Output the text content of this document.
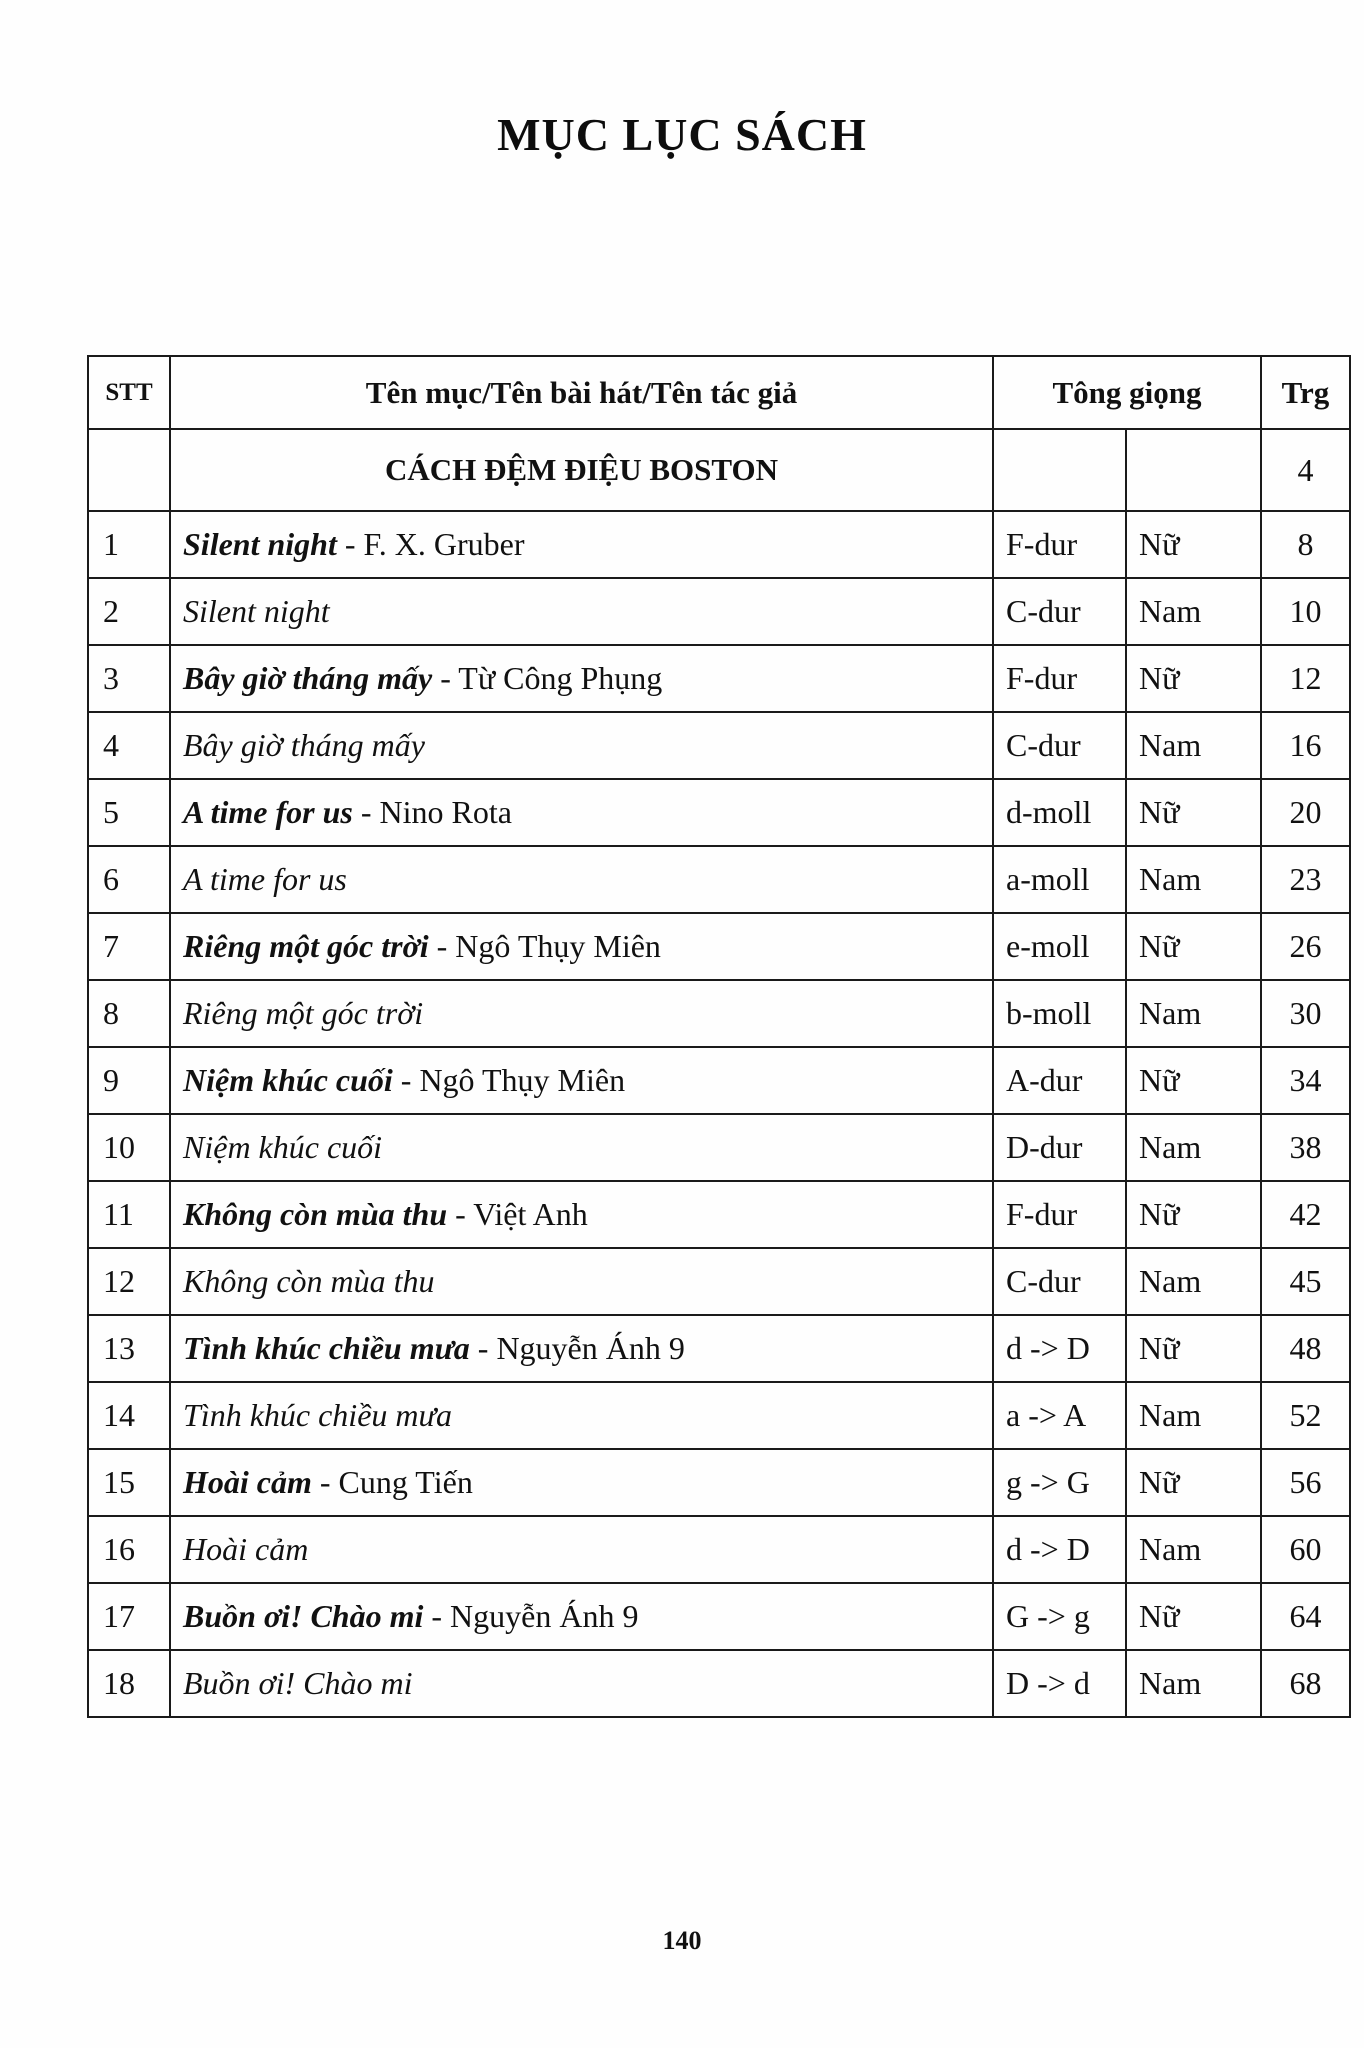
MỤC LỤC SÁCH
STT	Tên mục/Tên bài hát/Tên tác giả	Tông giọng		Trg
	CÁCH ĐỆM ĐIỆU BOSTON			4
1	Silent night - F. X. Gruber	F-dur	Nữ	8
2	Silent night	C-dur	Nam	10
3	Bây giờ tháng mấy - Từ Công Phụng	F-dur	Nữ	12
4	Bây giờ tháng mấy	C-dur	Nam	16
5	A time for us - Nino Rota	d-moll	Nữ	20
6	A time for us	a-moll	Nam	23
7	Riêng một góc trời - Ngô Thụy Miên	e-moll	Nữ	26
8	Riêng một góc trời	b-moll	Nam	30
9	Niệm khúc cuối - Ngô Thụy Miên	A-dur	Nữ	34
10	Niệm khúc cuối	D-dur	Nam	38
11	Không còn mùa thu - Việt Anh	F-dur	Nữ	42
12	Không còn mùa thu	C-dur	Nam	45
13	Tình khúc chiều mưa - Nguyễn Ánh 9	d -> D	Nữ	48
14	Tình khúc chiều mưa	a -> A	Nam	52
15	Hoài cảm - Cung Tiến	g -> G	Nữ	56
16	Hoài cảm	d -> D	Nam	60
17	Buồn ơi! Chào mi - Nguyễn Ánh 9	G -> g	Nữ	64
18	Buồn ơi! Chào mi	D -> d	Nam	68
140
